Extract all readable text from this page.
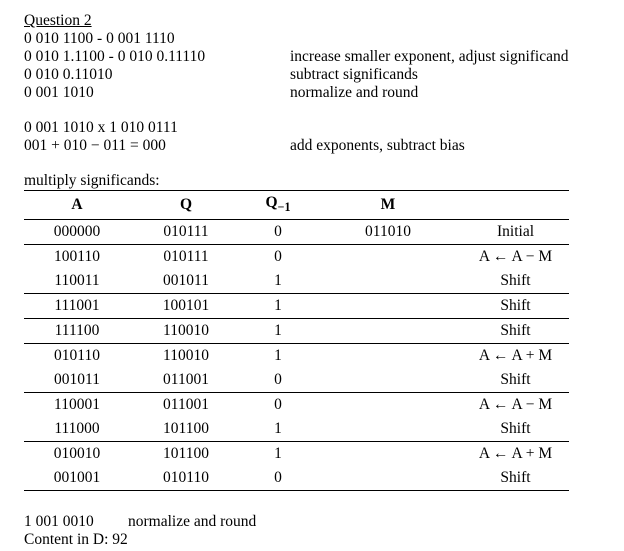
Question 2
0 010 1100 - 0 001 1110
0 010 1.1100 - 0 010 0.11110	increase smaller exponent, adjust significand
0 010 0.11010	subtract significands
0 001 1010	normalize and round
0 001 1010 x 1 010 0111
001 + 010 − 011 = 000	add exponents, subtract bias
multiply significands:
A	Q	$Q_{-1}$	M	
000000	010111	0	011010	Initial
100110	010111	0		A ← A − M
110011	001011	1		Shift
111001	100101	1		Shift
111100	110010	1		Shift
010110	110010	1		A ← A + M
001011	011001	0		Shift
110001	011001	0		A ← A − M
111000	101100	1		Shift
010010	101100	1		A ← A + M
001001	010110	0		Shift
1 001 0010	normalize and round
Content in D: 92
